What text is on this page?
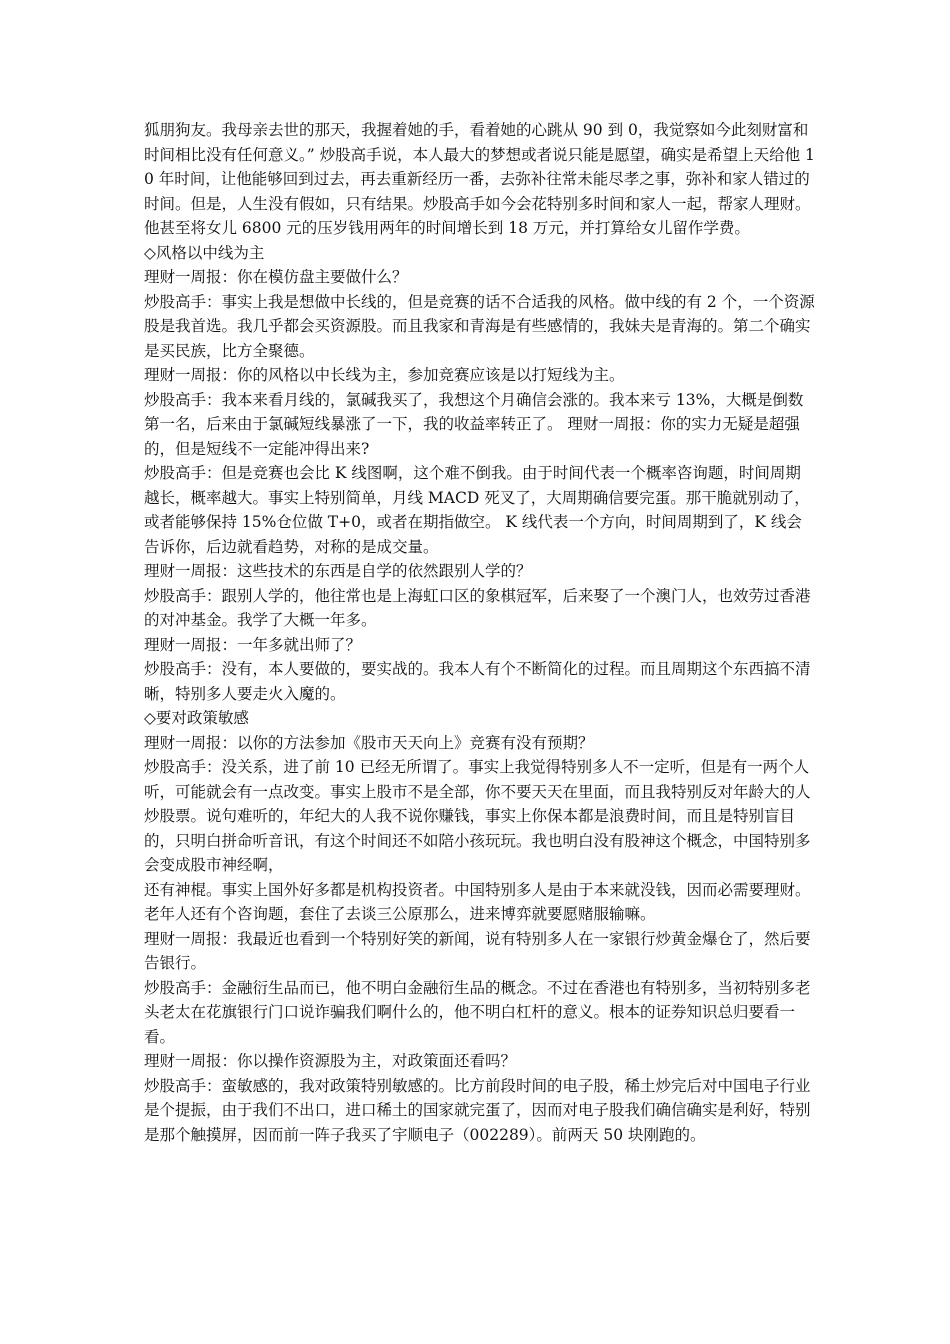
狐朋狗友。我母亲去世的那天，我握着她的手，看着她的心跳从 90 到 0，我觉察如今此刻财富和时间相比没有任何意义。” 炒股高手说，本人最大的梦想或者说只能是愿望，确实是希望上天给他 10 年时间，让他能够回到过去，再去重新经历一番，去弥补往常未能尽孝之事，弥补和家人错过的时间。但是，人生没有假如，只有结果。炒股高手如今会花特别多时间和家人一起，帮家人理财。他甚至将女儿 6800 元的压岁钱用两年的时间增长到 18 万元，并打算给女儿留作学费。

◇风格以中线为主

理财一周报：你在模仿盘主要做什么？

炒股高手：事实上我是想做中长线的，但是竞赛的话不合适我的风格。做中线的有 2 个，一个资源股是我首选。我几乎都会买资源股。而且我家和青海是有些感情的，我妹夫是青海的。第二个确实是买民族，比方全聚德。

理财一周报：你的风格以中长线为主，参加竞赛应该是以打短线为主。

炒股高手：我本来看月线的，氯碱我买了，我想这个月确信会涨的。我本来亏 13%，大概是倒数第一名，后来由于氯碱短线暴涨了一下，我的收益率转正了。 理财一周报：你的实力无疑是超强的，但是短线不一定能冲得出来?

炒股高手：但是竞赛也会比 K 线图啊，这个难不倒我。由于时间代表一个概率咨询题，时间周期越长，概率越大。事实上特别简单，月线 MACD 死叉了，大周期确信要完蛋。那干脆就别动了，或者能够保持 15%仓位做 T+0，或者在期指做空。 K 线代表一个方向，时间周期到了，K 线会告诉你，后边就看趋势，对称的是成交量。

理财一周报：这些技术的东西是自学的依然跟别人学的？

炒股高手：跟别人学的，他往常也是上海虹口区的象棋冠军，后来娶了一个澳门人，也效劳过香港的对冲基金。我学了大概一年多。

理财一周报：一年多就出师了？

炒股高手：没有，本人要做的，要实战的。我本人有个不断简化的过程。而且周期这个东西搞不清晰，特别多人要走火入魔的。

◇要对政策敏感

理财一周报：以你的方法参加《股市天天向上》竞赛有没有预期？

炒股高手：没关系，进了前 10 已经无所谓了。事实上我觉得特别多人不一定听，但是有一两个人听，可能就会有一点改变。事实上股市不是全部，你不要天天在里面，而且我特别反对年龄大的人炒股票。说句难听的，年纪大的人我不说你赚钱，事实上你保本都是浪费时间，而且是特别盲目的，只明白拼命听音讯，有这个时间还不如陪小孩玩玩。我也明白没有股神这个概念，中国特别多会变成股市神经啊，

还有神棍。事实上国外好多都是机构投资者。中国特别多人是由于本来就没钱，因而必需要理财。老年人还有个咨询题，套住了去谈三公原那么，进来博弈就要愿赌服输嘛。

理财一周报：我最近也看到一个特别好笑的新闻，说有特别多人在一家银行炒黄金爆仓了，然后要告银行。

炒股高手：金融衍生品而已，他不明白金融衍生品的概念。不过在香港也有特别多，当初特别多老头老太在花旗银行门口说诈骗我们啊什么的，他不明白杠杆的意义。根本的证券知识总归要看一看。

理财一周报：你以操作资源股为主，对政策面还看吗？

炒股高手：蛮敏感的，我对政策特别敏感的。比方前段时间的电子股，稀土炒完后对中国电子行业是个提振，由于我们不出口，进口稀土的国家就完蛋了，因而对电子股我们确信确实是利好，特别是那个触摸屏，因而前一阵子我买了宇顺电子（002289）。前两天 50 块刚跑的。
